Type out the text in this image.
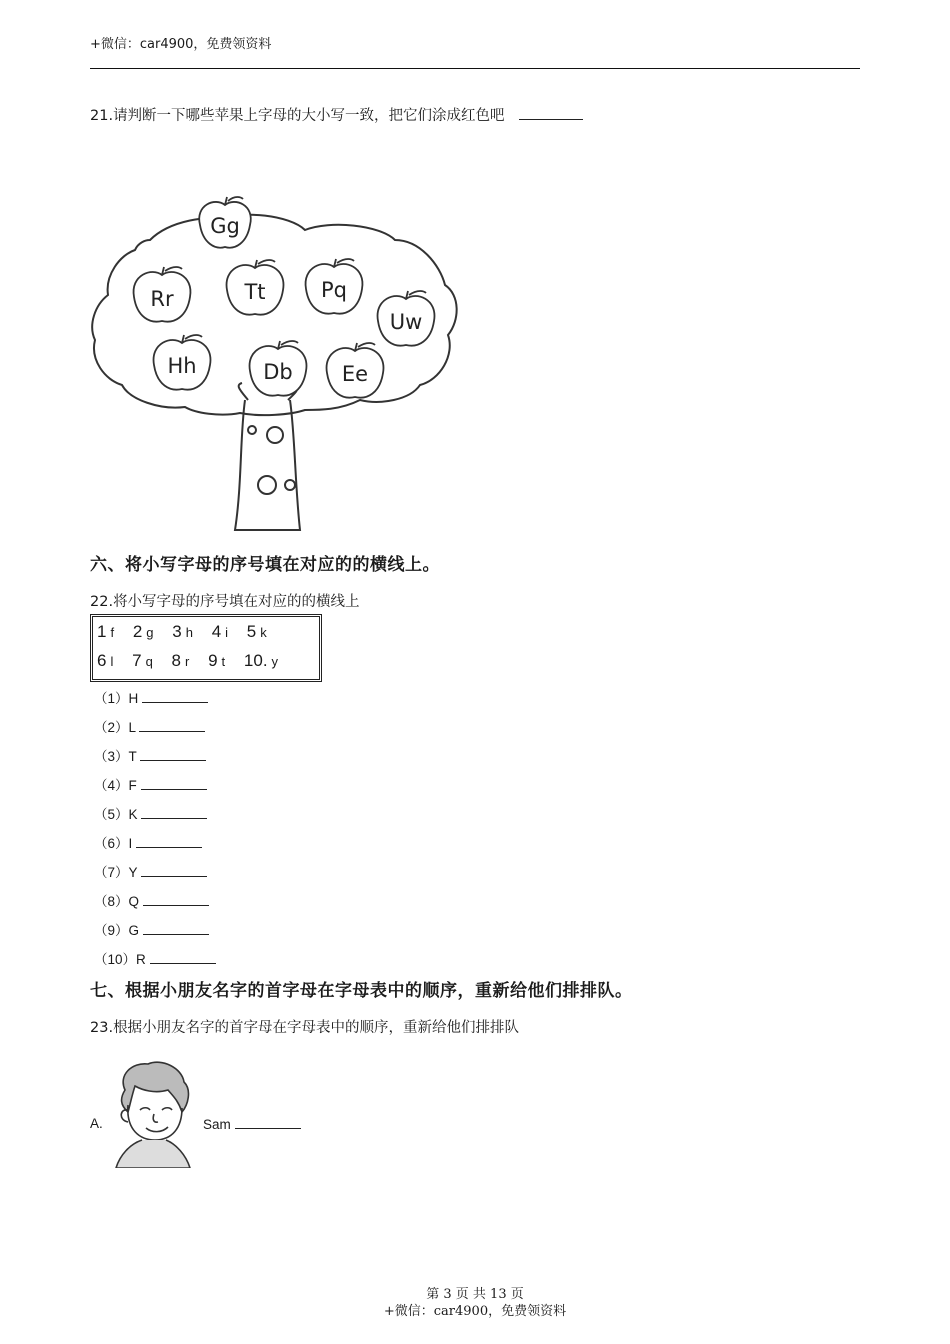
+微信：car4900，免费领资料
21.请判断一下哪些苹果上字母的大小写一致，把它们涂成红色吧
Gg
Rr	Tt	Pq
Uw
Hh	Db Ee
六、将小写字母的序号填在对应的的横线上。
22.将小写字母的序号填在对应的的横线上
1 f 2 g 3 h 4 i 5 k
6 l 7 q 8 r 9 t 10. y
（1）H
（2）L
（3）T
（4）F
（5）K
（6）I
（7）Y
（8）Q
（9）G
（10）R
七、根据小朋友名字的首字母在字母表中的顺序，重新给他们排排队。
23.根据小朋友名字的首字母在字母表中的顺序，重新给他们排排队
A.	Sam
第 3 页 共 13 页
+微信：car4900，免费领资料
